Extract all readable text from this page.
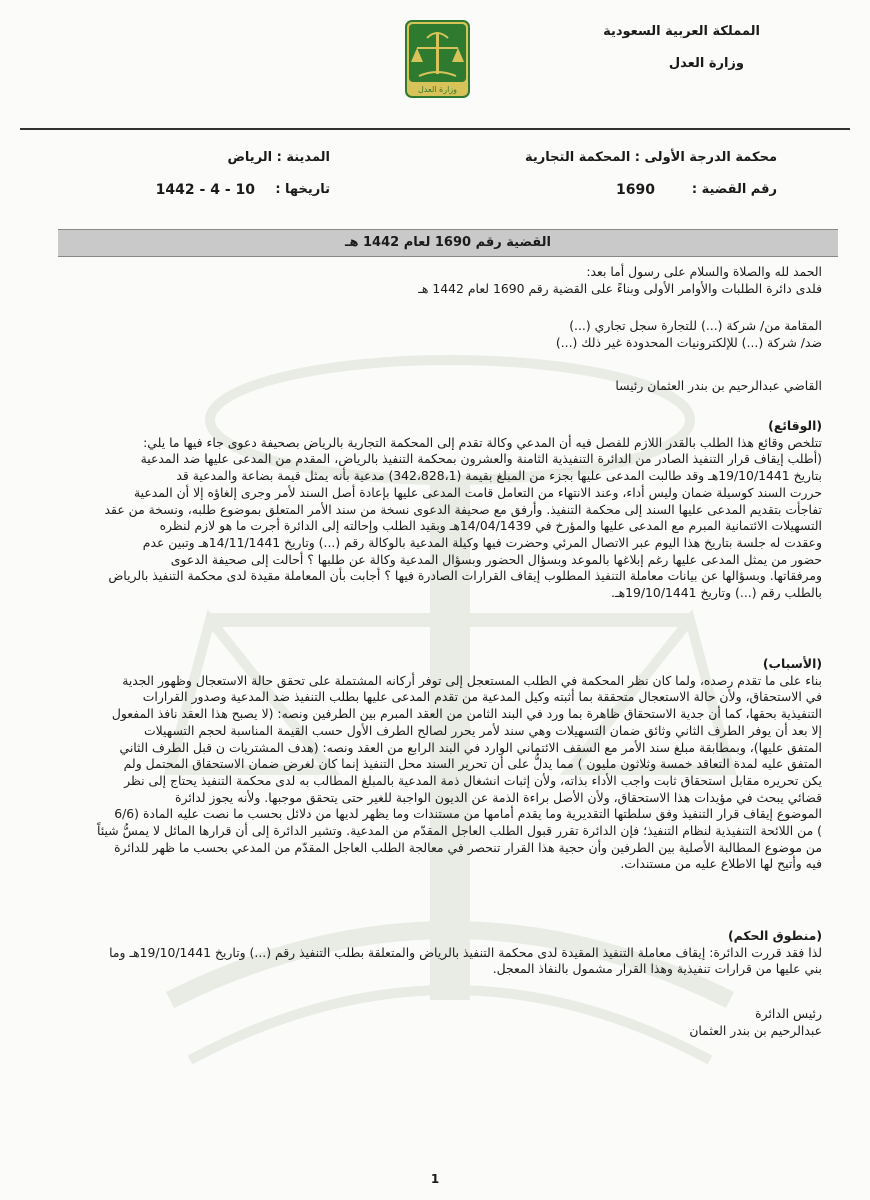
المملكة العربية السعودية
وزارة العدل
وزارة العدل
محكمة الدرجة الأولى : المحكمة التجارية
المدينة : الرياض
رقم القضية :
1690
تاريخها :
10 - 4 - 1442
القضية رقم 1690 لعام 1442 هـ

الحمد لله والصلاة والسلام على رسول أما بعد:

فلدى دائرة الطلبات والأوامر الأولى وبناءً على القضية رقم 1690 لعام 1442 هـ

المقامة من/ شركة (...) للتجارة سجل تجاري (...)

ضد/ شركة (...) للإلكترونيات المحدودة غير ذلك (...)

القاضي عبدالرحيم بن بندر العثمان رئيسا

(الوقائع)

تتلخص وقائع هذا الطلب بالقدر اللازم للفصل فيه أن المدعي وكالة تقدم إلى المحكمة التجارية بالرياض بصحيفة دعوى جاء فيها ما يلي:

(أطلب إيقاف قرار التنفيذ الصادر من الدائرة التنفيذية الثامنة والعشرون بمحكمة التنفيذ بالرياض، المقدم من المدعى عليها ضد المدعية

بتاريخ 19/10/1441هـ وقد طالبت المدعى عليها بجزء من المبلغ بقيمة (342،828،1) مدعية بأنه يمثل قيمة بضاعة والمدعية قد

حررت السند كوسيلة ضمان وليس أداء، وعند الانتهاء من التعامل قامت المدعى عليها بإعادة أصل السند لأمر وجرى إلغاؤه إلا أن المدعية

تفاجأت بتقديم المدعى عليها السند إلى محكمة التنفيذ. وأرفق مع صحيفة الدعوى نسخة من سند الأمر المتعلق بموضوع طلبه، ونسخة من عقد

التسهيلات الائتمانية المبرم مع المدعى عليها والمؤرخ في 14/04/1439هـ وبقيد الطلب وإحالته إلى الدائرة أجرت ما هو لازم لنظره

وعقدت له جلسة بتاريخ هذا اليوم عبر الاتصال المرئي وحضرت فيها وكيلة المدعية بالوكالة رقم (...) وتاريخ 14/11/1441هـ وتبين عدم

حضور من يمثل المدعى عليها رغم إبلاغها بالموعد وبسؤال الحضور وبسؤال المدعية وكالة عن طلبها ؟ أحالت إلى صحيفة الدعوى

ومرفقاتها. وبسؤالها عن بيانات معاملة التنفيذ المطلوب إيقاف القرارات الصادرة فيها ؟ أجابت بأن المعاملة مقيدة لدى محكمة التنفيذ بالرياض

بالطلب رقم (...) وتاريخ 19/10/1441هـ.

(الأسباب)

بناء على ما تقدم رصده، ولما كان نظر المحكمة في الطلب المستعجل إلى توفر أركانه المشتملة على تحقق حالة الاستعجال وظهور الجدية

في الاستحقاق، ولأن حالة الاستعجال متحققة بما أثبته وكيل المدعية من تقدم المدعى عليها بطلب التنفيذ ضد المدعية وصدور القرارات

التنفيذية بحقها، كما أن جدية الاستحقاق ظاهرة بما ورد في البند الثامن من العقد المبرم بين الطرفين ونصه: (لا يصبح هذا العقد نافذ المفعول

إلا بعد أن يوفر الطرف الثاني وثائق ضمان التسهيلات وهي سند لأمر يحرر لصالح الطرف الأول حسب القيمة المناسبة لحجم التسهيلات

المتفق عليها)، وبمطابقة مبلغ سند الأمر مع السقف الائتماني الوارد في البند الرابع من العقد ونصه: (هدف المشتريات ن قبل الطرف الثاني

المتفق عليه لمدة التعاقد خمسة وثلاثون مليون ) مما يدلُّ على أن تحرير السند محل التنفيذ إنما كان لغرض ضمان الاستحقاق المحتمل ولم

يكن تحريره مقابل استحقاق ثابت واجب الأداء بذاته، ولأن إثبات انشغال ذمة المدعية بالمبلغ المطالب به لدى محكمة التنفيذ يحتاج إلى نظر

قضائي يبحث في مؤيدات هذا الاستحقاق، ولأن الأصل براءة الذمة عن الديون الواجبة للغير حتى يتحقق موجبها. ولأنه يجوز لدائرة

الموضوع إيقاف قرار التنفيذ وفق سلطتها التقديرية وما يقدم أمامها من مستندات وما يظهر لديها من دلائل بحسب ما نصت عليه المادة (6/6

) من اللائحة التنفيذية لنظام التنفيذ؛ فإن الدائرة تقرر قبول الطلب العاجل المقدّم من المدعية. وتشير الدائرة إلى أن قرارها المائل لا يمسُّ شيئاً

من موضوع المطالبة الأصلية بين الطرفين وأن حجية هذا القرار تنحصر في معالجة الطلب العاجل المقدّم من المدعي بحسب ما ظهر للدائرة

فيه وأتيح لها الاطلاع عليه من مستندات.

(منطوق الحكم)

لذا فقد قررت الدائرة: إيقاف معاملة التنفيذ المقيدة لدى محكمة التنفيذ بالرياض والمتعلقة بطلب التنفيذ رقم (...) وتاريخ 19/10/1441هـ وما

بني عليها من قرارات تنفيذية وهذا القرار مشمول بالنفاذ المعجل.

رئيس الدائرة

عبدالرحيم بن بندر العثمان

1
